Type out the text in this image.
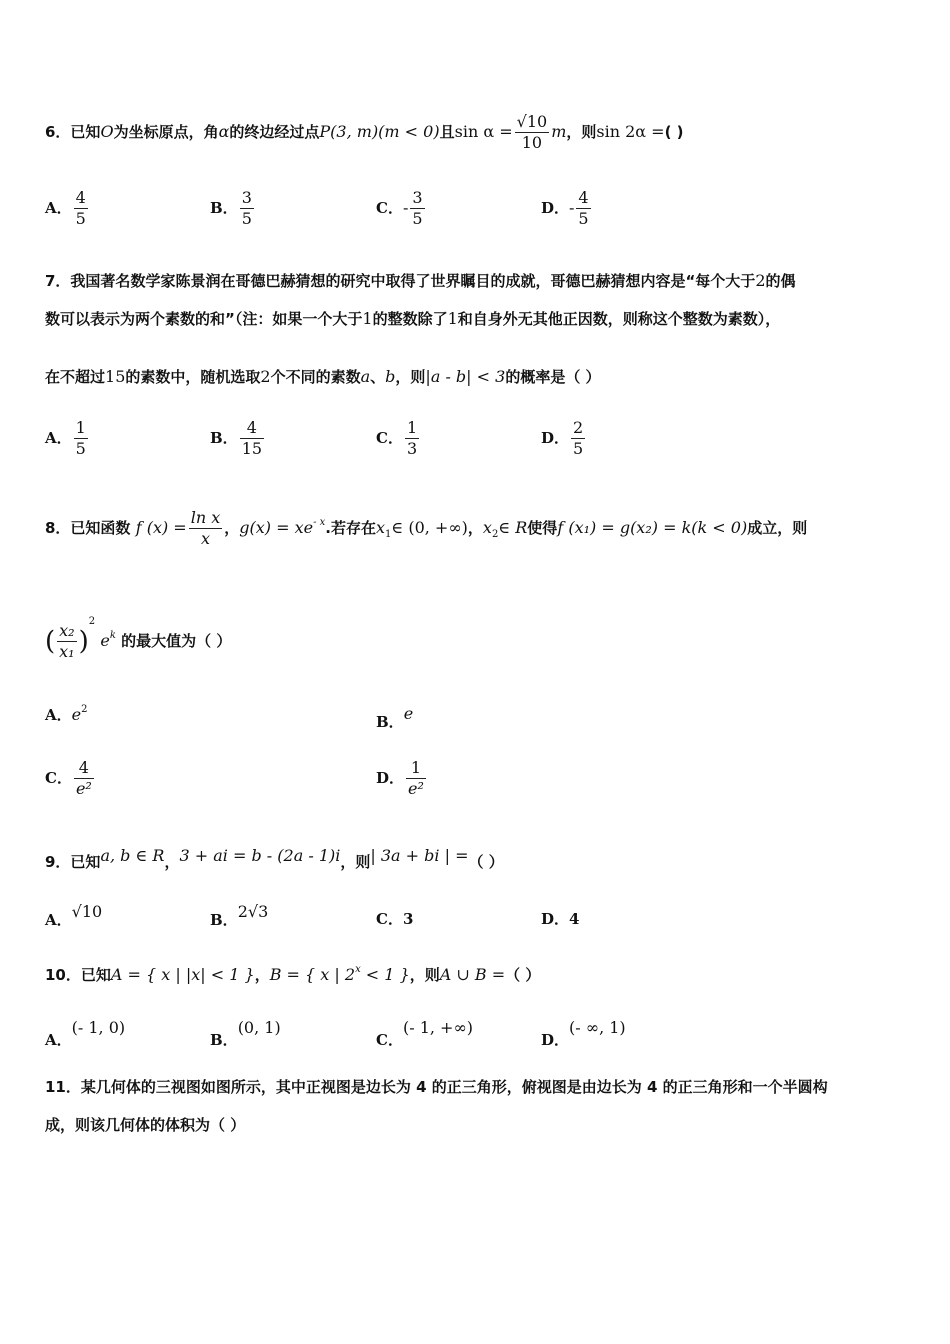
6．已知O为坐标原点，角α的终边经过点P(3, m)(m < 0)且$\sin \alpha = \frac{√10}{10}$ m，则sin 2α =( )
A． $\frac{4}{5}$	B． $\frac{3}{5}$	C．- $\frac{3}{5}$	D．- $\frac{4}{5}$
7．我国著名数学家陈景润在哥德巴赫猜想的研究中取得了世界瞩目的成就，哥德巴赫猜想内容是“每个大于2的偶
数可以表示为两个素数的和”（注：如果一个大于1的整数除了1和自身外无其他正因数，则称这个整数为素数），
在不超过15的素数中，随机选取2个不同的素数a、b，则|a - b| < 3的概率是（ ）
A． $\frac{1}{5}$	B． $\frac{4}{15}$	C． $\frac{1}{3}$	D． $\frac{2}{5}$
8．已知函数 f $(x) = \frac{\text{ln x}}{x}$ ，$g(x) = xe^{- x}$.若存在$x_1\in$ (0, +∞)，$x_2\in$ R使得f (x₁) = g(x₂) = k(k < 0)成立，则
( $\frac{\text{x₂}}{\text{x₁}} )^2$ $e^k$ 的最大值为（ ）
A．$e^2$
B．e
C． $\frac{4}{\text{e²}}$	D． $\frac{1}{\text{e²}}$
9．已知a, b ∈ R，3 + ai = b - (2a - 1)i，则| 3a + bi | =（ ）
A．√10	B．2√3	C．3	D．4
10．已知A = { x | |x| < 1 }，B = { x | $2^x < 1$ }，则A ∪ B =（ ）
A．(- 1, 0)
B．(0, 1)
C．(- 1, +∞)
D．(- ∞, 1)
11．某几何体的三视图如图所示，其中正视图是边长为 4 的正三角形，俯视图是由边长为 4 的正三角形和一个半圆构
成，则该几何体的体积为（ ）
